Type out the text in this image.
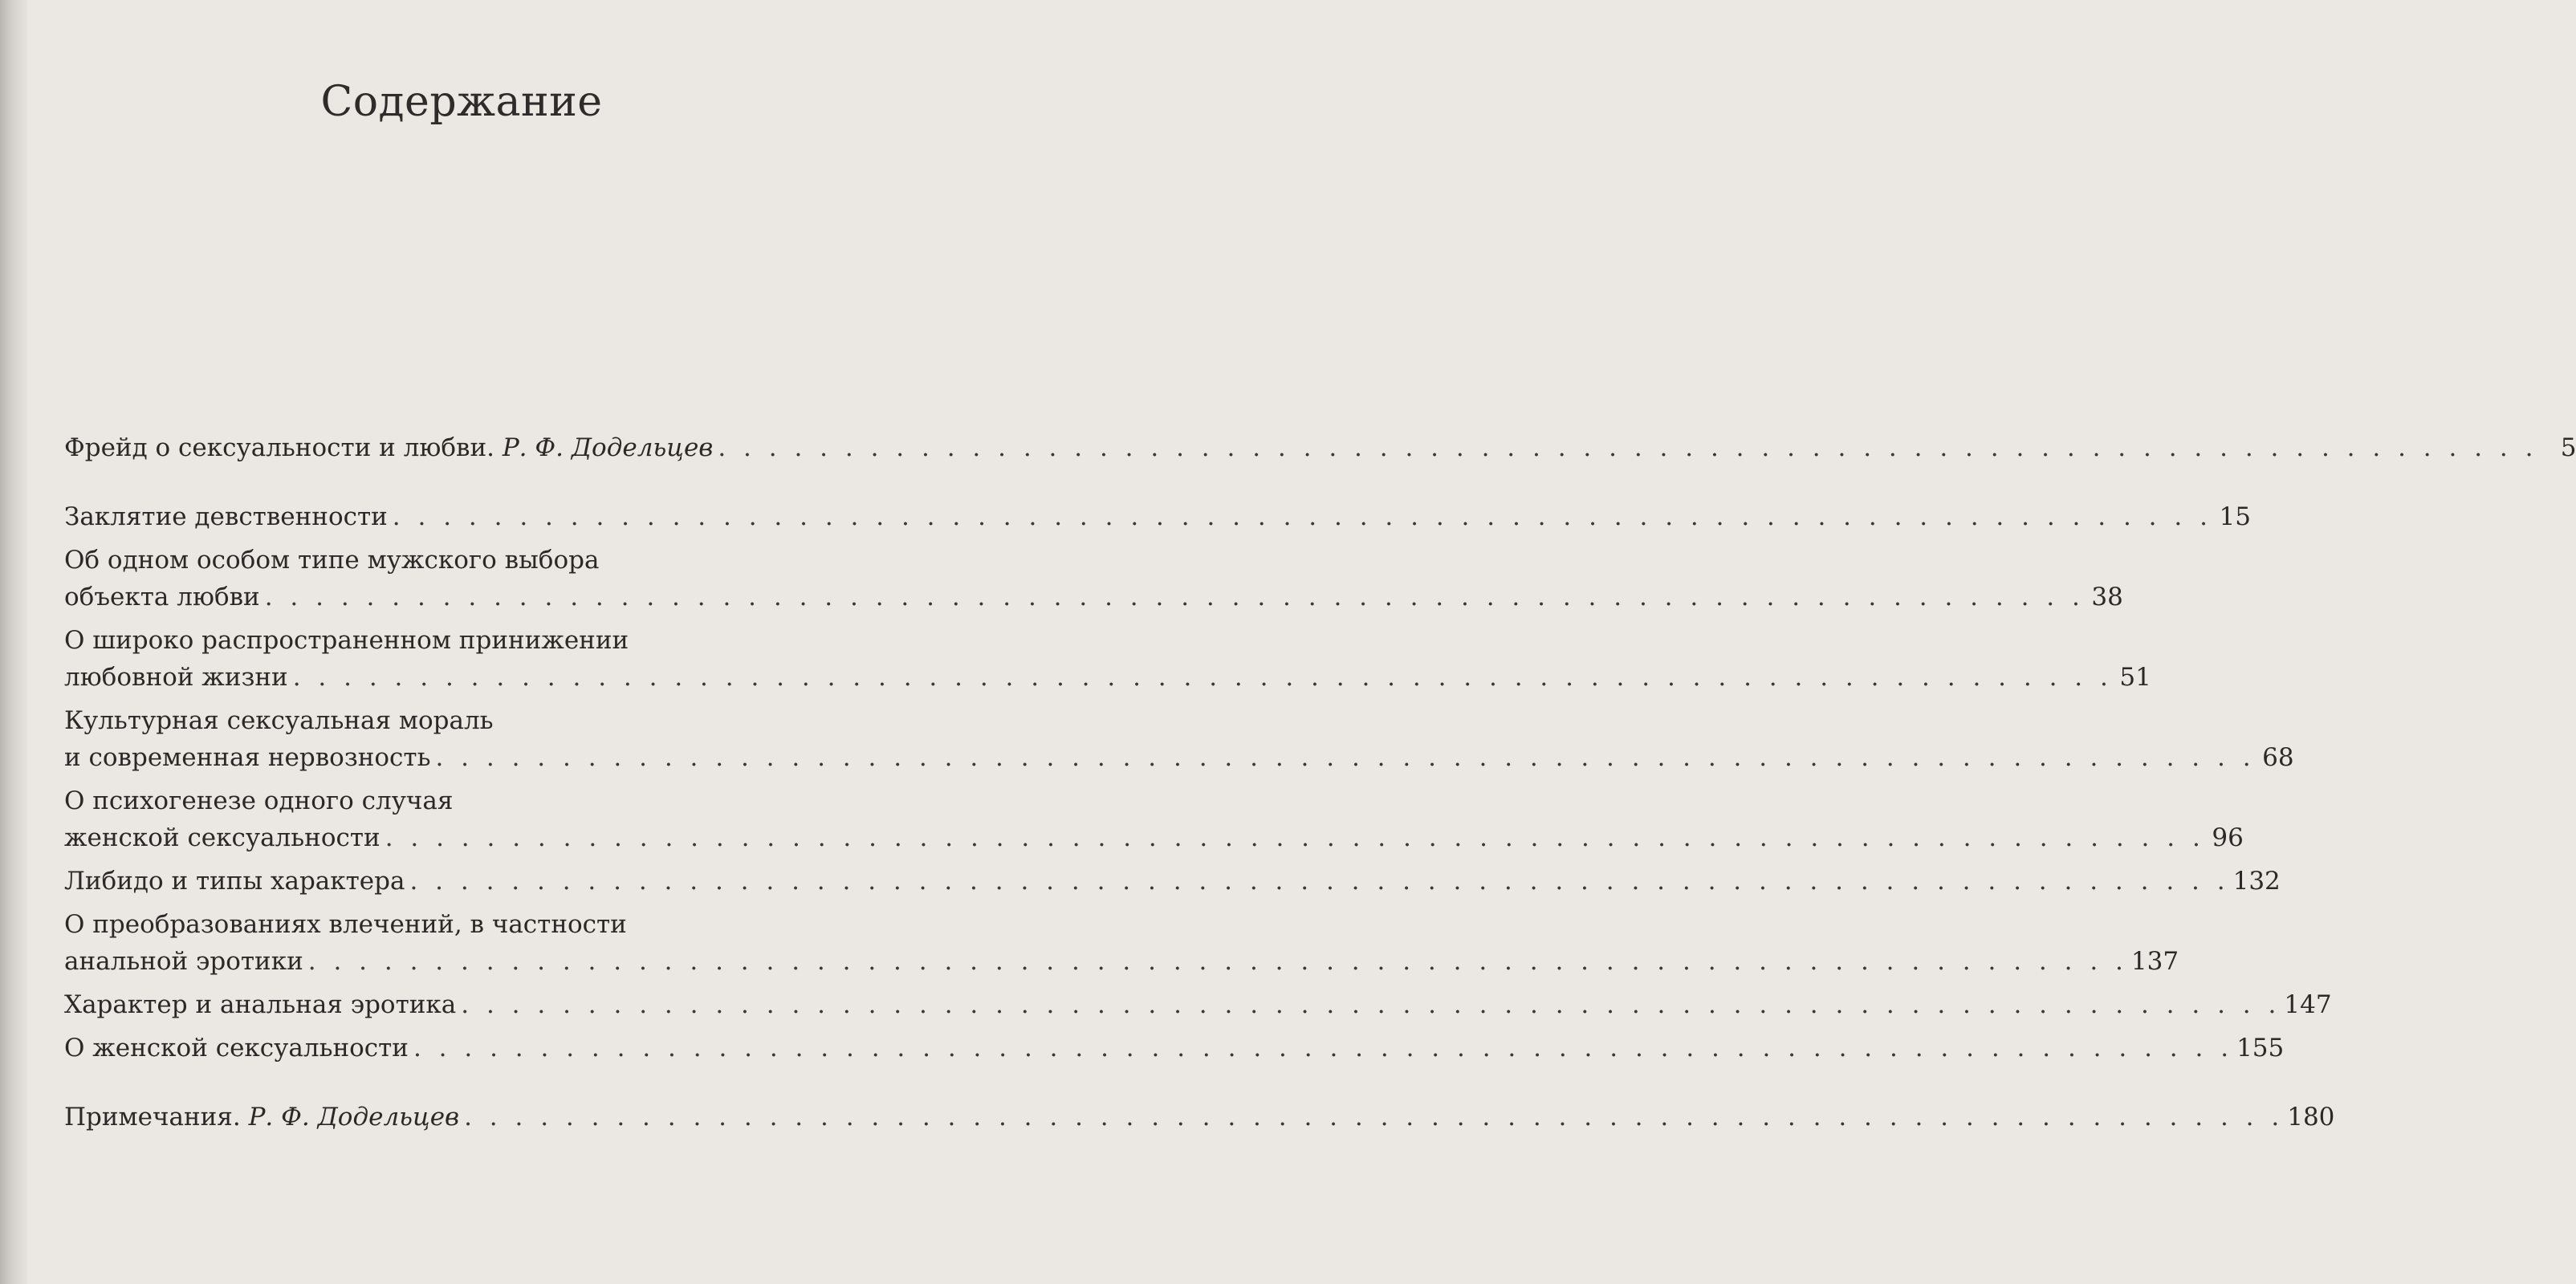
Содержание
Фрейд о сексуальности и любви. Р. Ф. Додельцев . . . . . . . . . . . . . . . . . . . . . . . . . . . . . . . . . . . . . . . . . . . . . . . . . . . . . . . . . . . . . . . . . . . . . . . . 5
Заклятие девственности . . . . . . . . . . . . . . . . . . . . . . . . . . . . . . . . . . . . . . . . . . . . . . . . . . . . . . . . . . . . . . . . . . . . . . . . 15
Об одном особом типе мужского выбора
объекта любви . . . . . . . . . . . . . . . . . . . . . . . . . . . . . . . . . . . . . . . . . . . . . . . . . . . . . . . . . . . . . . . . . . . . . . . . 38
О широко распространенном принижении
любовной жизни . . . . . . . . . . . . . . . . . . . . . . . . . . . . . . . . . . . . . . . . . . . . . . . . . . . . . . . . . . . . . . . . . . . . . . . . 51
Культурная сексуальная мораль
и современная нервозность . . . . . . . . . . . . . . . . . . . . . . . . . . . . . . . . . . . . . . . . . . . . . . . . . . . . . . . . . . . . . . . . . . . . . . . . 68
О психогенезе одного случая
женской сексуальности . . . . . . . . . . . . . . . . . . . . . . . . . . . . . . . . . . . . . . . . . . . . . . . . . . . . . . . . . . . . . . . . . . . . . . . . 96
Либидо и типы характера . . . . . . . . . . . . . . . . . . . . . . . . . . . . . . . . . . . . . . . . . . . . . . . . . . . . . . . . . . . . . . . . . . . . . . . . 132
О преобразованиях влечений, в частности
анальной эротики . . . . . . . . . . . . . . . . . . . . . . . . . . . . . . . . . . . . . . . . . . . . . . . . . . . . . . . . . . . . . . . . . . . . . . . . 137
Характер и анальная эротика . . . . . . . . . . . . . . . . . . . . . . . . . . . . . . . . . . . . . . . . . . . . . . . . . . . . . . . . . . . . . . . . . . . . . . . . 147
О женской сексуальности . . . . . . . . . . . . . . . . . . . . . . . . . . . . . . . . . . . . . . . . . . . . . . . . . . . . . . . . . . . . . . . . . . . . . . . . 155
Примечания. Р. Ф. Додельцев . . . . . . . . . . . . . . . . . . . . . . . . . . . . . . . . . . . . . . . . . . . . . . . . . . . . . . . . . . . . . . . . . . . . . . . . 180
